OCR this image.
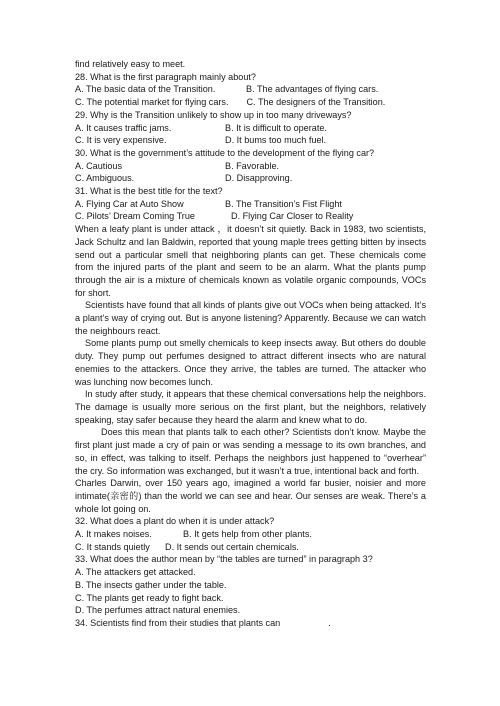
find relatively easy to meet.
28. What is the first paragraph mainly about?
A. The basic data of the Transition.	B. The advantages of flying cars.
C. The potential market for flying cars. C. The designers of the Transition.
29. Why is the Transition unlikely to show up in too many driveways?
A. It causes traffic jams.	B. It is difficult to operate.
C. It is very expensive.	D. It bums too much fuel.
30. What is the government’s attitude to the development of the flying car?
A. Cautious	B. Favorable.
C. Ambiguous.	D. Disapproving.
31. What is the best title for the text?
A. Flying Car at Auto Show	B. The Transition’s Fist Flight
C. Pilots’ Dream Coming True	D. Flying Car Closer to Reality

When a leafy plant is under attack ，it doesn’t sit quietly. Back in 1983, two scientists, Jack Schultz and Ian Baldwin, reported that young maple trees getting bitten by insects send out a particular smell that neighboring plants can get. These chemicals come from the injured parts of the plant and seem to be an alarm. What the plants pump through the air is a mixture of chemicals known as volatile organic compounds, VOCs for short.

Scientists have found that all kinds of plants give out VOCs when being attacked. It’s a plant’s way of crying out. But is anyone listening? Apparently. Because we can watch the neighbours react.

Some plants pump out smelly chemicals to keep insects away. But others do double duty. They pump out perfumes designed to attract different insects who are natural enemies to the attackers. Once they arrive, the tables are turned. The attacker who was lunching now becomes lunch.

In study after study, it appears that these chemical conversations help the neighbors. The damage is usually more serious on the first plant, but the neighbors, relatively speaking, stay safer because they heard the alarm and knew what to do.

Does this mean that plants talk to each other? Scientists don’t know. Maybe the first plant just made a cry of pain or was sending a message to its own branches, and so, in effect, was talking to itself. Perhaps the neighbors just happened to “overhear” the cry. So information was exchanged, but it wasn’t a true, intentional back and forth.

Charles Darwin, over 150 years ago, imagined a world far busier, noisier and more intimate(亲密的) than the world we can see and hear. Our senses are weak. There’s a whole lot going on.

32. What does a plant do when it is under attack?
A. It makes noises.	B. It gets help from other plants.
C. It stands quietly	D. It sends out certain chemicals.
33. What does the author mean by “the tables are turned” in paragraph 3?
A. The attackers get attacked.
B. The insects gather under the table.
C. The plants get ready to fight back.
D. The perfumes attract natural enemies.
34. Scientists find from their studies that plants can	.
